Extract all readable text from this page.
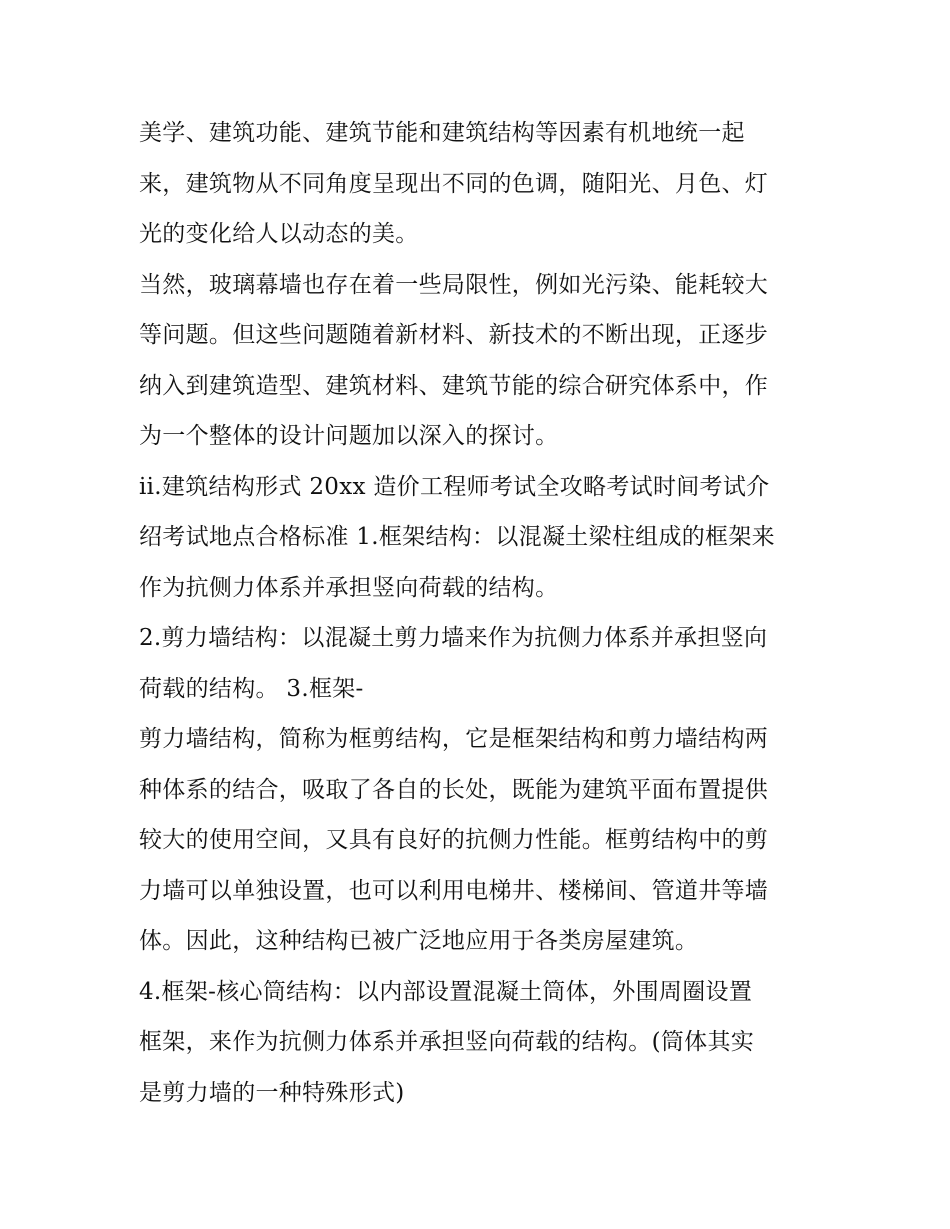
美学、建筑功能、建筑节能和建筑结构等因素有机地统一起
来，建筑物从不同角度呈现出不同的色调，随阳光、月色、灯
光的变化给人以动态的美。
当然，玻璃幕墙也存在着一些局限性，例如光污染、能耗较大
等问题。但这些问题随着新材料、新技术的不断出现，正逐步
纳入到建筑造型、建筑材料、建筑节能的综合研究体系中，作
为一个整体的设计问题加以深入的探讨。
ii.建筑结构形式 20xx 造价工程师考试全攻略考试时间考试介
绍考试地点合格标准 1.框架结构：以混凝土梁柱组成的框架来
作为抗侧力体系并承担竖向荷载的结构。
2.剪力墙结构：以混凝土剪力墙来作为抗侧力体系并承担竖向
荷载的结构。 3.框架-
剪力墙结构，简称为框剪结构，它是框架结构和剪力墙结构两
种体系的结合，吸取了各自的长处，既能为建筑平面布置提供
较大的使用空间，又具有良好的抗侧力性能。框剪结构中的剪
力墙可以单独设置，也可以利用电梯井、楼梯间、管道井等墙
体。因此，这种结构已被广泛地应用于各类房屋建筑。
4.框架-核心筒结构：以内部设置混凝土筒体，外围周圈设置
框架，来作为抗侧力体系并承担竖向荷载的结构。(筒体其实
是剪力墙的一种特殊形式)
